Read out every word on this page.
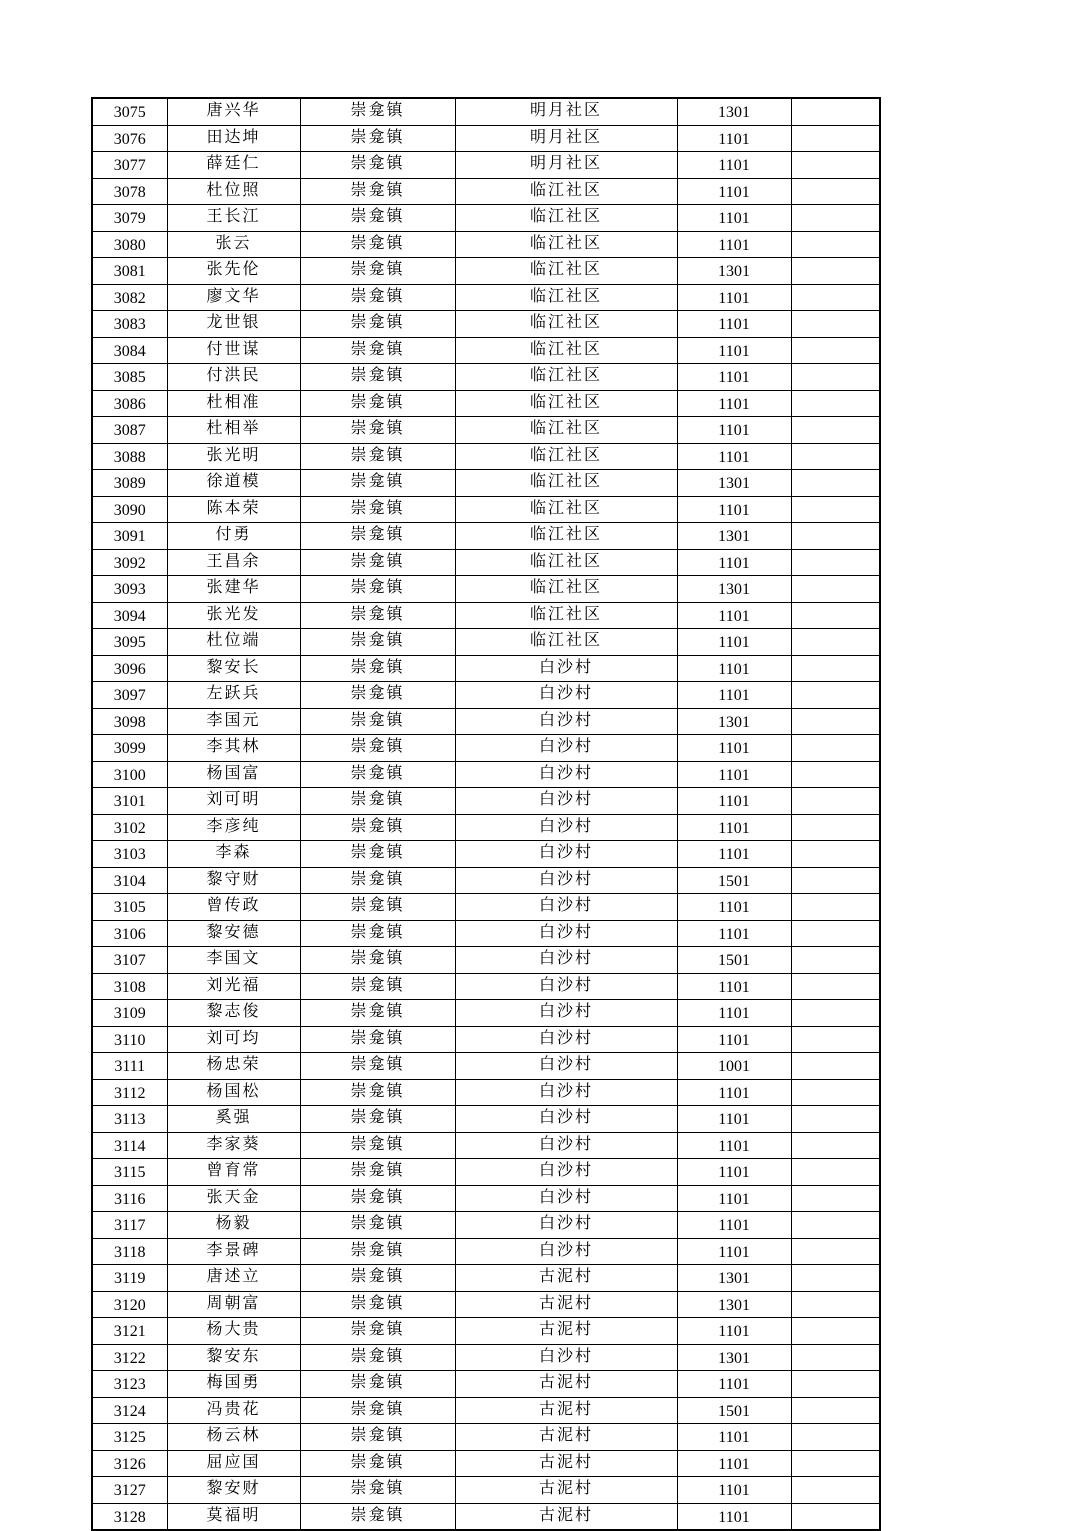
3075	唐兴华	崇龛镇	明月社区	1301	
3076	田达坤	崇龛镇	明月社区	1101	
3077	薛廷仁	崇龛镇	明月社区	1101	
3078	杜位照	崇龛镇	临江社区	1101	
3079	王长江	崇龛镇	临江社区	1101	
3080	张云	崇龛镇	临江社区	1101	
3081	张先伦	崇龛镇	临江社区	1301	
3082	廖文华	崇龛镇	临江社区	1101	
3083	龙世银	崇龛镇	临江社区	1101	
3084	付世谋	崇龛镇	临江社区	1101	
3085	付洪民	崇龛镇	临江社区	1101	
3086	杜相准	崇龛镇	临江社区	1101	
3087	杜相举	崇龛镇	临江社区	1101	
3088	张光明	崇龛镇	临江社区	1101	
3089	徐道模	崇龛镇	临江社区	1301	
3090	陈本荣	崇龛镇	临江社区	1101	
3091	付勇	崇龛镇	临江社区	1301	
3092	王昌余	崇龛镇	临江社区	1101	
3093	张建华	崇龛镇	临江社区	1301	
3094	张光发	崇龛镇	临江社区	1101	
3095	杜位端	崇龛镇	临江社区	1101	
3096	黎安长	崇龛镇	白沙村	1101	
3097	左跃兵	崇龛镇	白沙村	1101	
3098	李国元	崇龛镇	白沙村	1301	
3099	李其林	崇龛镇	白沙村	1101	
3100	杨国富	崇龛镇	白沙村	1101	
3101	刘可明	崇龛镇	白沙村	1101	
3102	李彦纯	崇龛镇	白沙村	1101	
3103	李森	崇龛镇	白沙村	1101	
3104	黎守财	崇龛镇	白沙村	1501	
3105	曾传政	崇龛镇	白沙村	1101	
3106	黎安德	崇龛镇	白沙村	1101	
3107	李国文	崇龛镇	白沙村	1501	
3108	刘光福	崇龛镇	白沙村	1101	
3109	黎志俊	崇龛镇	白沙村	1101	
3110	刘可均	崇龛镇	白沙村	1101	
3111	杨忠荣	崇龛镇	白沙村	1001	
3112	杨国松	崇龛镇	白沙村	1101	
3113	奚强	崇龛镇	白沙村	1101	
3114	李家葵	崇龛镇	白沙村	1101	
3115	曾育常	崇龛镇	白沙村	1101	
3116	张天金	崇龛镇	白沙村	1101	
3117	杨毅	崇龛镇	白沙村	1101	
3118	李景碑	崇龛镇	白沙村	1101	
3119	唐述立	崇龛镇	古泥村	1301	
3120	周朝富	崇龛镇	古泥村	1301	
3121	杨大贵	崇龛镇	古泥村	1101	
3122	黎安东	崇龛镇	白沙村	1301	
3123	梅国勇	崇龛镇	古泥村	1101	
3124	冯贵花	崇龛镇	古泥村	1501	
3125	杨云林	崇龛镇	古泥村	1101	
3126	屈应国	崇龛镇	古泥村	1101	
3127	黎安财	崇龛镇	古泥村	1101	
3128	莫福明	崇龛镇	古泥村	1101	
